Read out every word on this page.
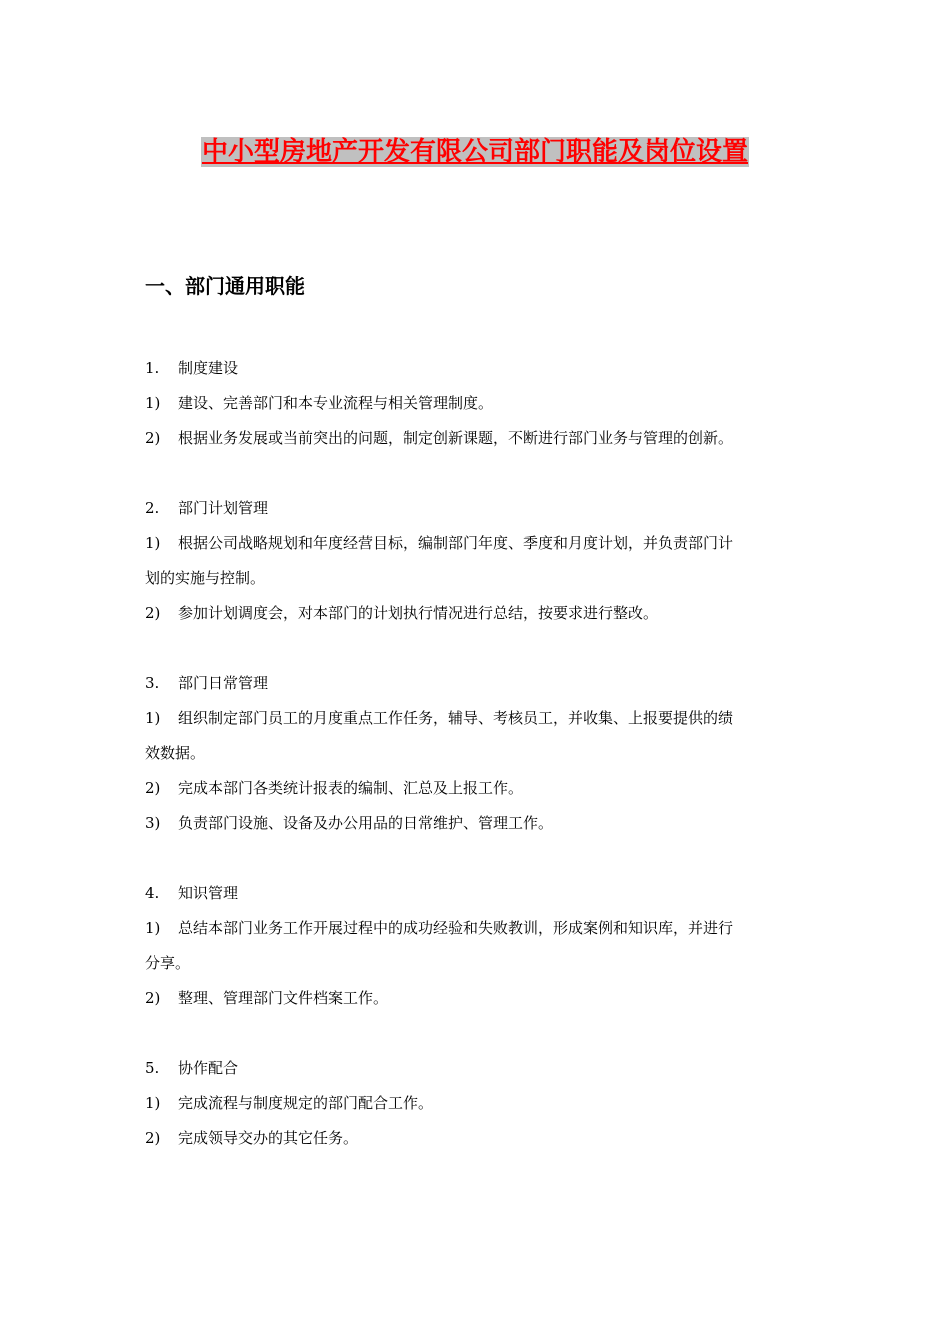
中小型房地产开发有限公司部门职能及岗位设置
一、部门通用职能

1. 制度建设

1) 建设、完善部门和本专业流程与相关管理制度。

2) 根据业务发展或当前突出的问题，制定创新课题，不断进行部门业务与管理的创新。

2. 部门计划管理

1) 根据公司战略规划和年度经营目标，编制部门年度、季度和月度计划，并负责部门计

划的实施与控制。

2) 参加计划调度会，对本部门的计划执行情况进行总结，按要求进行整改。

3. 部门日常管理

1) 组织制定部门员工的月度重点工作任务，辅导、考核员工，并收集、上报要提供的绩

效数据。

2) 完成本部门各类统计报表的编制、汇总及上报工作。

3) 负责部门设施、设备及办公用品的日常维护、管理工作。

4. 知识管理

1) 总结本部门业务工作开展过程中的成功经验和失败教训，形成案例和知识库，并进行

分享。

2) 整理、管理部门文件档案工作。

5. 协作配合

1) 完成流程与制度规定的部门配合工作。

2) 完成领导交办的其它任务。
